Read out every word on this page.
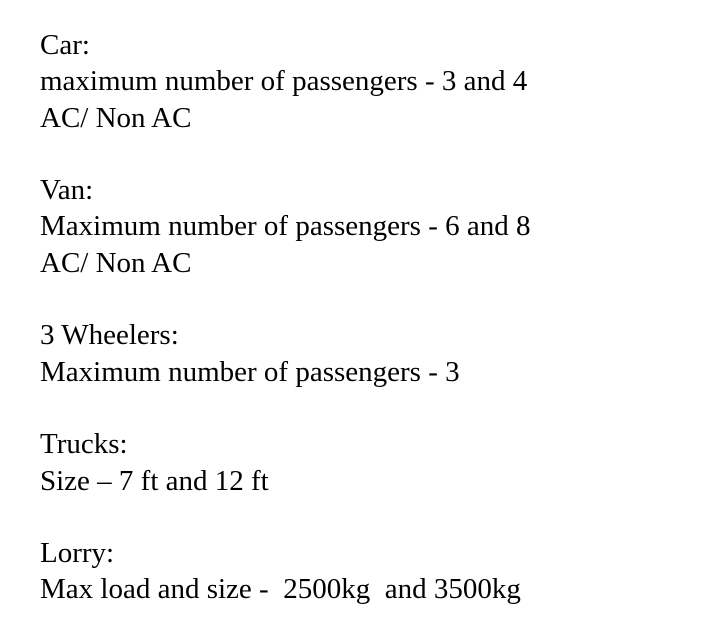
Car:
maximum number of passengers - 3 and 4
AC/ Non AC
Van:
Maximum number of passengers - 6 and 8
AC/ Non AC
3 Wheelers:
Maximum number of passengers - 3
Trucks:
Size – 7 ft and 12 ft
Lorry:
Max load and size -  2500kg  and 3500kg
